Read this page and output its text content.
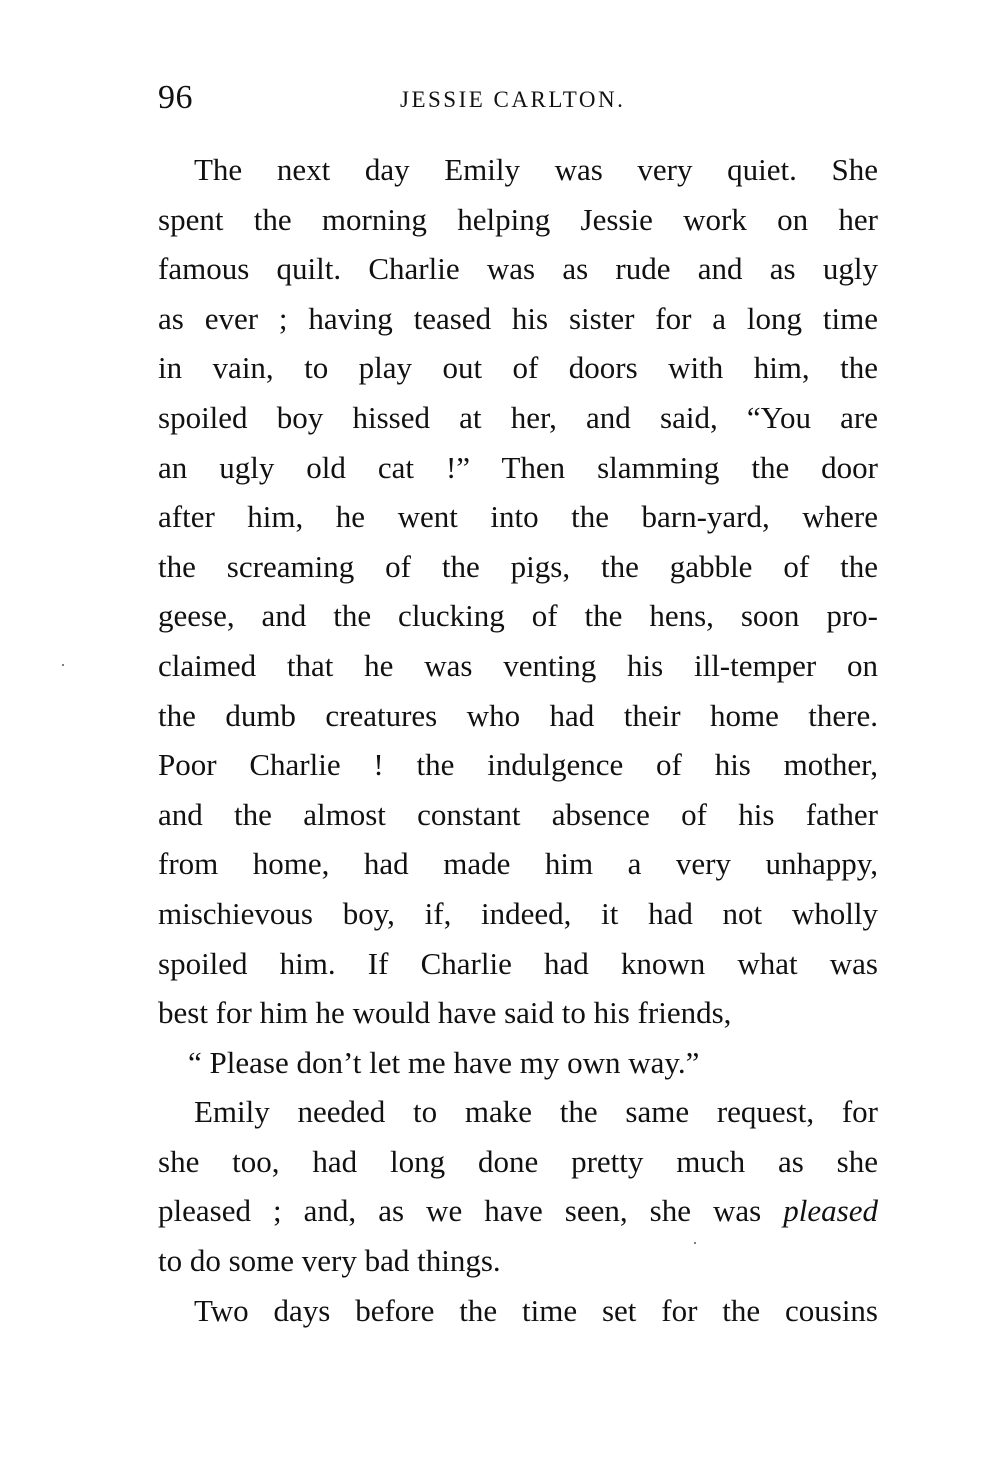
96	JESSIE CARLTON.
The next day Emily was very quiet. She
spent the morning helping Jessie work on her
famous quilt. Charlie was as rude and as ugly
as ever ; having teased his sister for a long time
in vain, to play out of doors with him, the
spoiled boy hissed at her, and said, “You are
an ugly old cat !” Then slamming the door
after him, he went into the barn-yard, where
the screaming of the pigs, the gabble of the
geese, and the clucking of the hens, soon pro-
claimed that he was venting his ill-temper on
the dumb creatures who had their home there.
Poor Charlie ! the indulgence of his mother,
and the almost constant absence of his father
from home, had made him a very unhappy,
mischievous boy, if, indeed, it had not wholly
spoiled him. If Charlie had known what was
best for him he would have said to his friends,
“ Please don’t let me have my own way.”
Emily needed to make the same request, for
she too, had long done pretty much as she
pleased ; and, as we have seen, she was pleased
to do some very bad things.
Two days before the time set for the cousins
